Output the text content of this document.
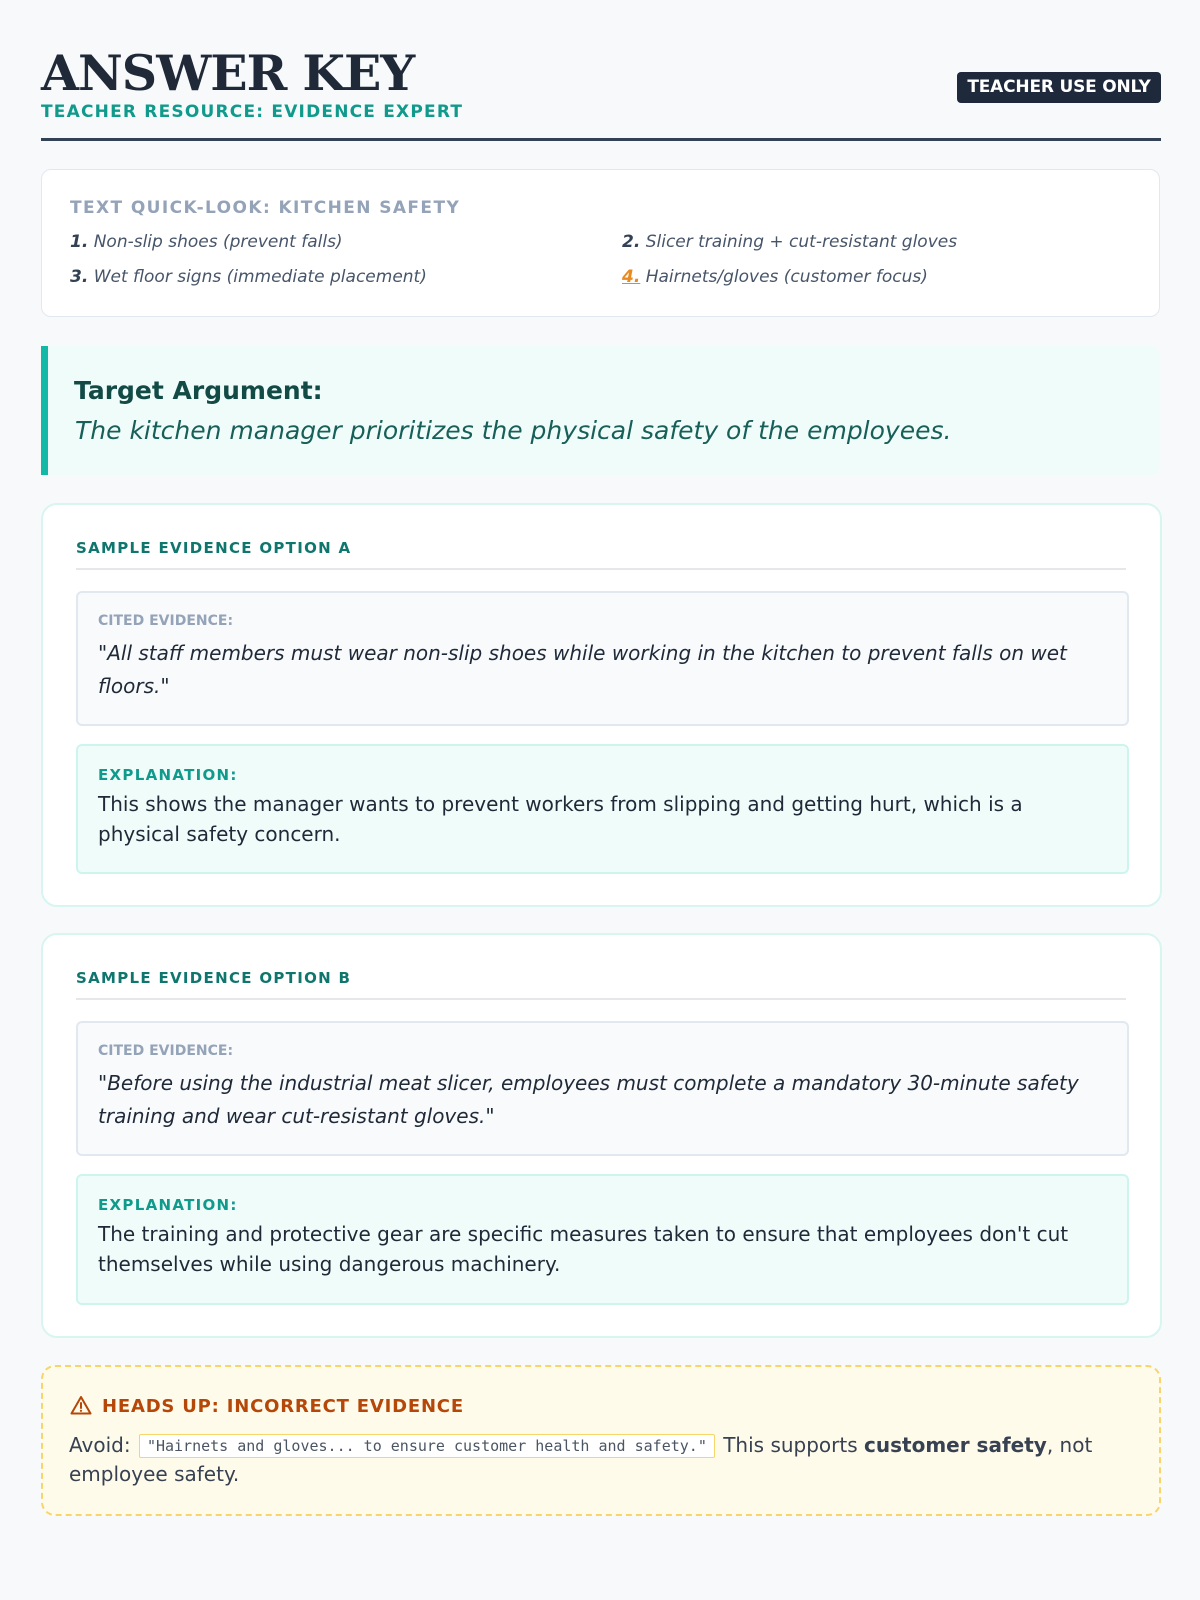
ANSWER KEY
TEACHER RESOURCE: EVIDENCE EXPERT
TEACHER USE ONLY
TEXT QUICK-LOOK: KITCHEN SAFETY
1. Non-slip shoes (prevent falls)	2. Slicer training + cut-resistant gloves
3. Wet floor signs (immediate placement)	4. Hairnets/gloves (customer focus)
Target Argument:
The kitchen manager prioritizes the physical safety of the employees.
SAMPLE EVIDENCE OPTION A
CITED EVIDENCE:
"All staff members must wear non-slip shoes while working in the kitchen to prevent falls on wet floors."
EXPLANATION:
This shows the manager wants to prevent workers from slipping and getting hurt, which is a physical safety concern.
SAMPLE EVIDENCE OPTION B
CITED EVIDENCE:
"Before using the industrial meat slicer, employees must complete a mandatory 30-minute safety training and wear cut-resistant gloves."
EXPLANATION:
The training and protective gear are specific measures taken to ensure that employees don't cut themselves while using dangerous machinery.
HEADS UP: INCORRECT EVIDENCE
Avoid: "Hairnets and gloves... to ensure customer health and safety." This supports customer safety, not employee safety.
